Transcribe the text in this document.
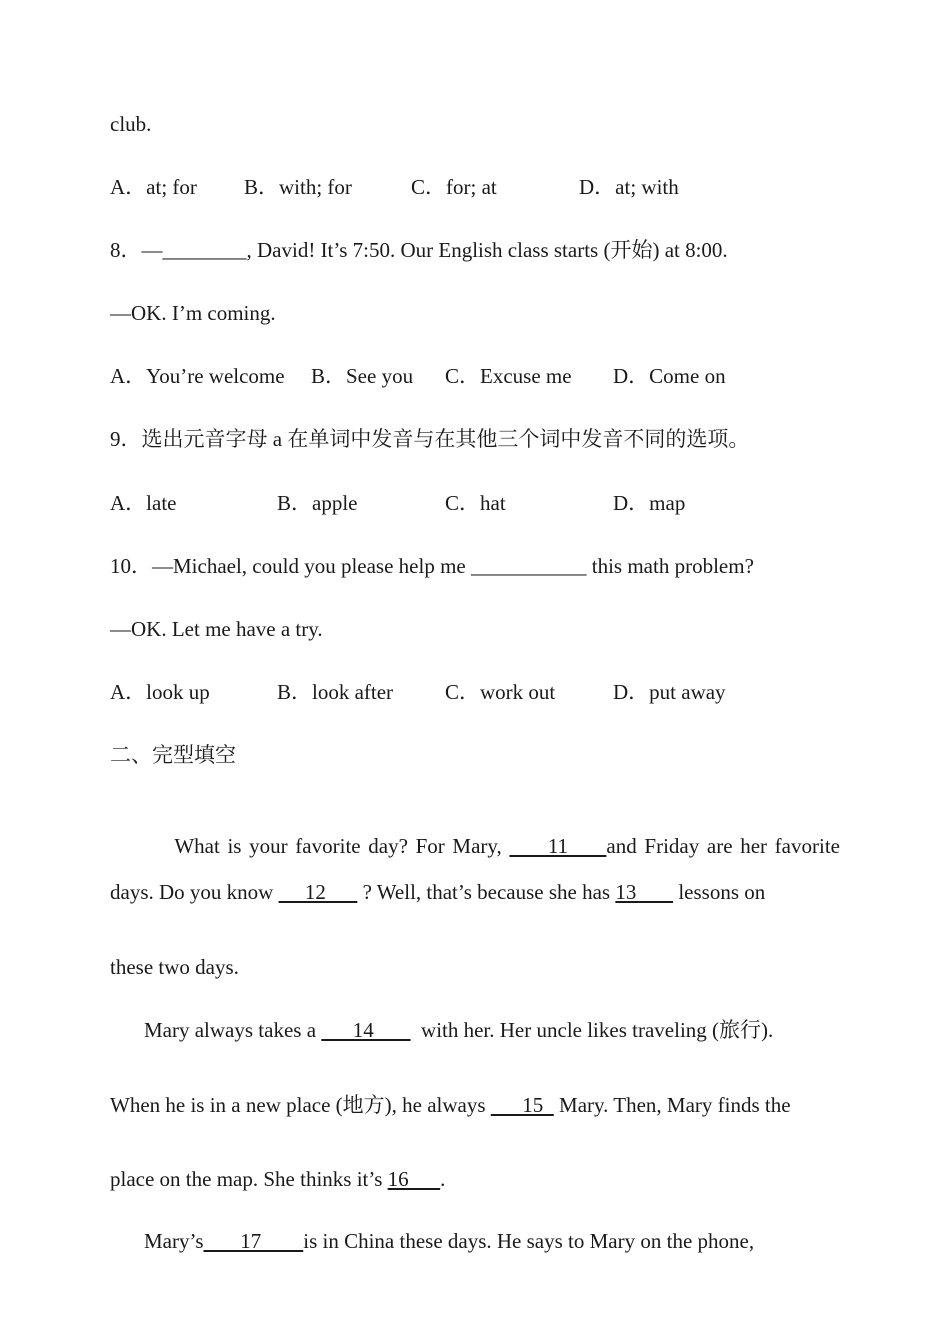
club.
A．at; for B．with; for	C．for; at	D．at; with
8．—________, David! It’s 7:50. Our English class starts (开始) at 8:00.
—OK. I’m coming.
A．You’re welcome B．See you C．Excuse me D．Come on
9．选出元音字母 a 在单词中发音与在其他三个词中发音不同的选项。
A．late	B．apple	C．hat	D．map
10．—Michael, could you please help me ___________ this math problem?
—OK. Let me have a try.
A．look up	B．look after C．work out	D．put away
二、完型填空

What is your favorite day? For Mary,      11     and Friday are her favorite

days. Do you know      12       ? Well, that’s because she has 13        lessons on
these two days.
Mary always takes a       14         with her. Her uncle likes traveling (旅行).
When he is in a new place (地方), he always       15   Mary. Then, Mary finds the
place on the map. She thinks it’s 16      .
Mary’s       17        is in China these days. He says to Mary on the phone,
